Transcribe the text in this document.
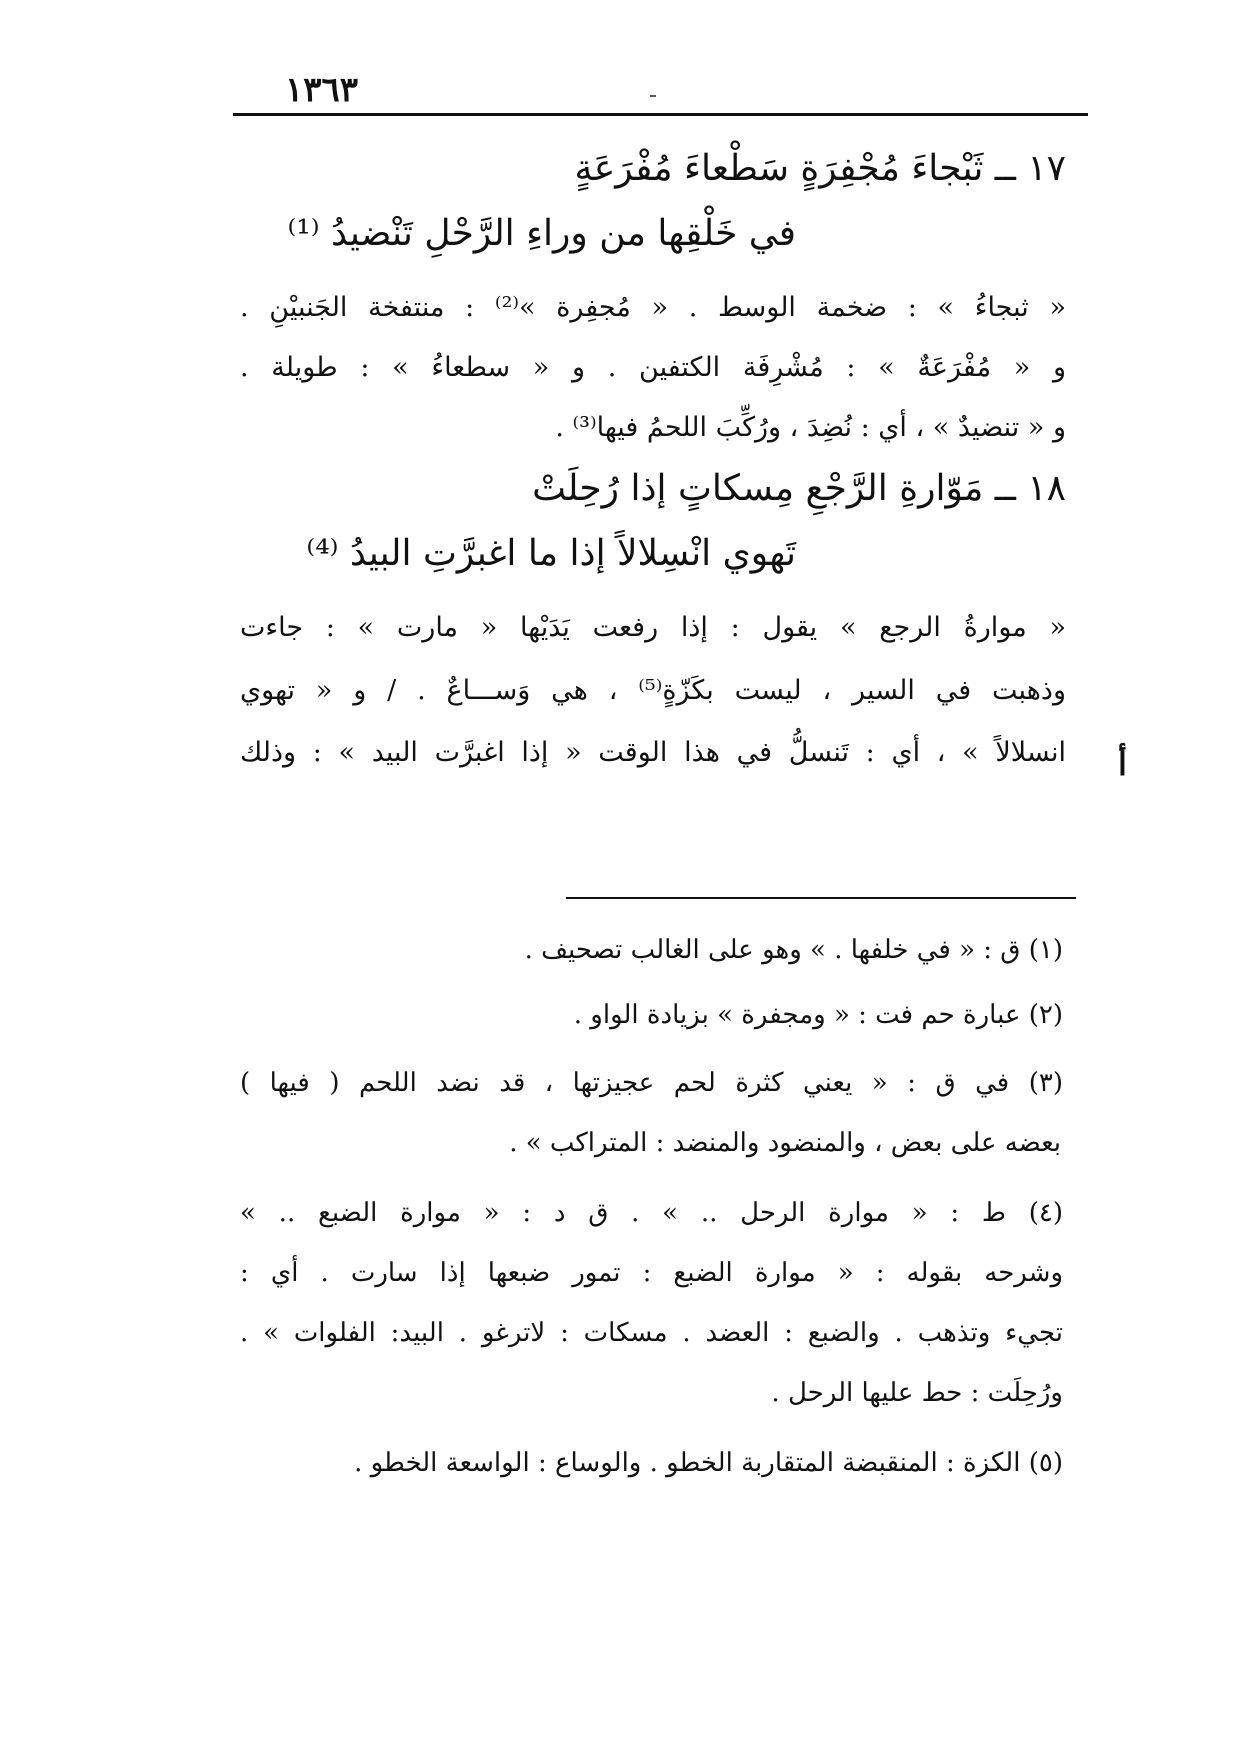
١٣٦٣
١٧ ــ ثَبْجاءَ مُجْفِرَةٍ سَطْعاءَ مُفْرَعَةٍ
في خَلْقِها من وراءِ الرَّحْلِ تَنْضيدُ ⁽¹⁾
« ثبجاءُ » : ضخمة الوسط . « مُجفِرة »⁽²⁾ : منتفخة الجَنبيْنِ .
و « مُفْرَعَةٌ » : مُشْرِفَة الكتفين . و « سطعاءُ » : طويلة .
و « تنضيدٌ » ، أي : نُضِدَ ، ورُكِّبَ اللحمُ فيها⁽³⁾ .
١٨ ــ مَوّارةِ الرَّجْعِ مِسكاتٍ إذا رُحِلَتْ
تَهوي انْسِلالاً إذا ما اغبرَّتِ البيدُ ⁽⁴⁾
« موارةُ الرجع » يقول : إذا رفعت يَدَيْها « مارت » : جاءت
وذهبت في السير ، ليست بكَزّةٍ⁽⁵⁾ ، هي وَســـاعٌ . / و « تهوي
انسلالاً » ، أي : تَنسلُّ في هذا الوقت « إذا اغبرَّت البيد » : وذلك أ
(١) ق : « في خلفها . » وهو على الغالب تصحيف .
(٢) عبارة حم فت : « ومجفرة » بزيادة الواو .
(٣) في ق : « يعني كثرة لحم عجيزتها ، قد نضد اللحم ( فيها )
بعضه على بعض ، والمنضود والمنضد : المتراكب » .
(٤) ط : « موارة الرحل .. » . ق د : « موارة الضبع .. »
وشرحه بقوله : « موارة الضبع : تمور ضبعها إذا سارت . أي :
تجيء وتذهب . والضبع : العضد . مسكات : لاترغو . البيد: الفلوات » .
ورُحِلَت : حط عليها الرحل .
(٥) الكزة : المنقبضة المتقاربة الخطو . والوساع : الواسعة الخطو .
